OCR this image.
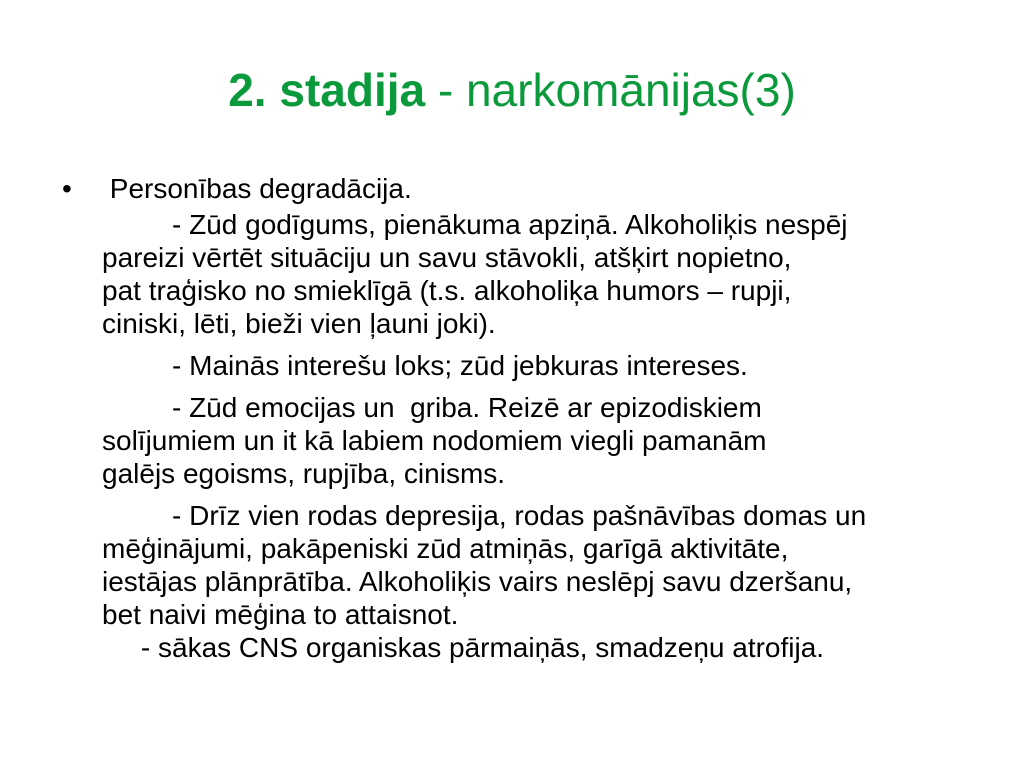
2. stadija - narkomānijas(3)
•	Personības degradācija.
- Zūd godīgums, pienākuma apziņā. Alkoholiķis nespēj
pareizi vērtēt situāciju un savu stāvokli, atšķirt nopietno,
pat traģisko no smieklīgā (t.s. alkoholiķa humors – rupji,
ciniski, lēti, bieži vien ļauni joki).
- Mainās interešu loks; zūd jebkuras intereses.
- Zūd emocijas un  griba. Reizē ar epizodiskiem
solījumiem un it kā labiem nodomiem viegli pamanām
galējs egoisms, rupjība, cinisms.
- Drīz vien rodas depresija, rodas pašnāvības domas un
mēģinājumi, pakāpeniski zūd atmiņās, garīgā aktivitāte,
iestājas plānprātība. Alkoholiķis vairs neslēpj savu dzeršanu,
bet naivi mēģina to attaisnot.
- sākas CNS organiskas pārmaiņās, smadzeņu atrofija.
